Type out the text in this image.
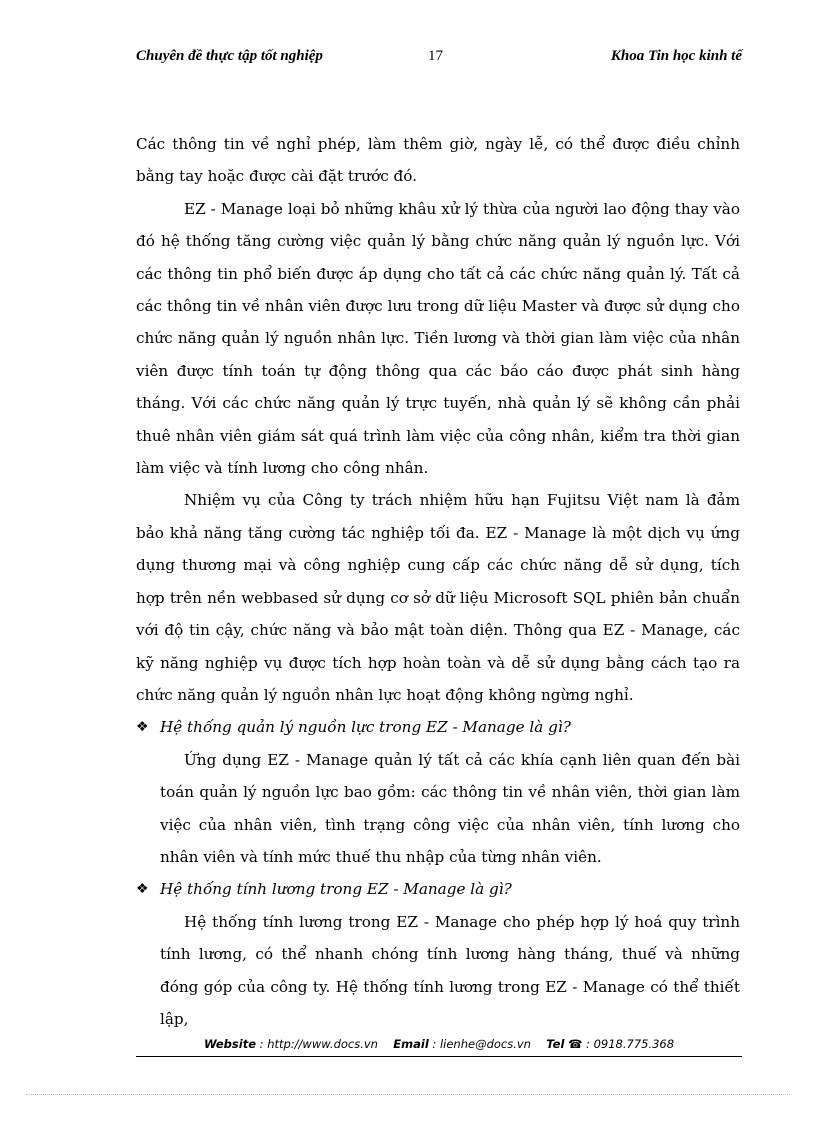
Chuyên đề thực tập tốt nghiệp	17	Khoa Tin học kinh tế

Các thông tin về nghỉ phép, làm thêm giờ, ngày lễ, có thể được điều chỉnh bằng tay hoặc được cài đặt trước đó.

EZ - Manage loại bỏ những khâu xử lý thừa của người lao động thay vào đó hệ thống tăng cường việc quản lý bằng chức năng quản lý nguồn lực. Với các thông tin phổ biến được áp dụng cho tất cả các chức năng quản lý. Tất cả các thông tin về nhân viên được lưu trong dữ liệu Master và được sử dụng cho chức năng quản lý nguồn nhân lực. Tiền lương và thời gian làm việc của nhân viên được tính toán tự động thông qua các báo cáo được phát sinh hàng tháng. Với các chức năng quản lý trực tuyến, nhà quản lý sẽ không cần phải thuê nhân viên giám sát quá trình làm việc của công nhân, kiểm tra thời gian làm việc và tính lương cho công nhân.

Nhiệm vụ của Công ty trách nhiệm hữu hạn Fujitsu Việt nam là đảm bảo khả năng tăng cường tác nghiệp tối đa. EZ - Manage là một dịch vụ ứng dụng thương mại và công nghiệp cung cấp các chức năng dễ sử dụng, tích hợp trên nền webbased sử dụng cơ sở dữ liệu Microsoft SQL phiên bản chuẩn với độ tin cậy, chức năng và bảo mật toàn diện. Thông qua EZ - Manage, các kỹ năng nghiệp vụ được tích hợp hoàn toàn và dễ sử dụng bằng cách tạo ra chức năng quản lý nguồn nhân lực hoạt động không ngừng nghỉ.

❖ Hệ thống quản lý nguồn lực trong EZ - Manage là gì?

Ứng dụng EZ - Manage quản lý tất cả các khía cạnh liên quan đến bài toán quản lý nguồn lực bao gồm: các thông tin về nhân viên, thời gian làm việc của nhân viên, tình trạng công việc của nhân viên, tính lương cho nhân viên và tính mức thuế thu nhập của từng nhân viên.

❖ Hệ thống tính lương trong EZ - Manage là gì?

Hệ thống tính lương trong EZ - Manage cho phép hợp lý hoá quy trình tính lương, có thể nhanh chóng tính lương hàng tháng, thuế và những đóng góp của công ty. Hệ thống tính lương trong EZ - Manage có thể thiết lập,

Website : http://www.docs.vn Email : lienhe@docs.vn Tel ☎ : 0918.775.368
